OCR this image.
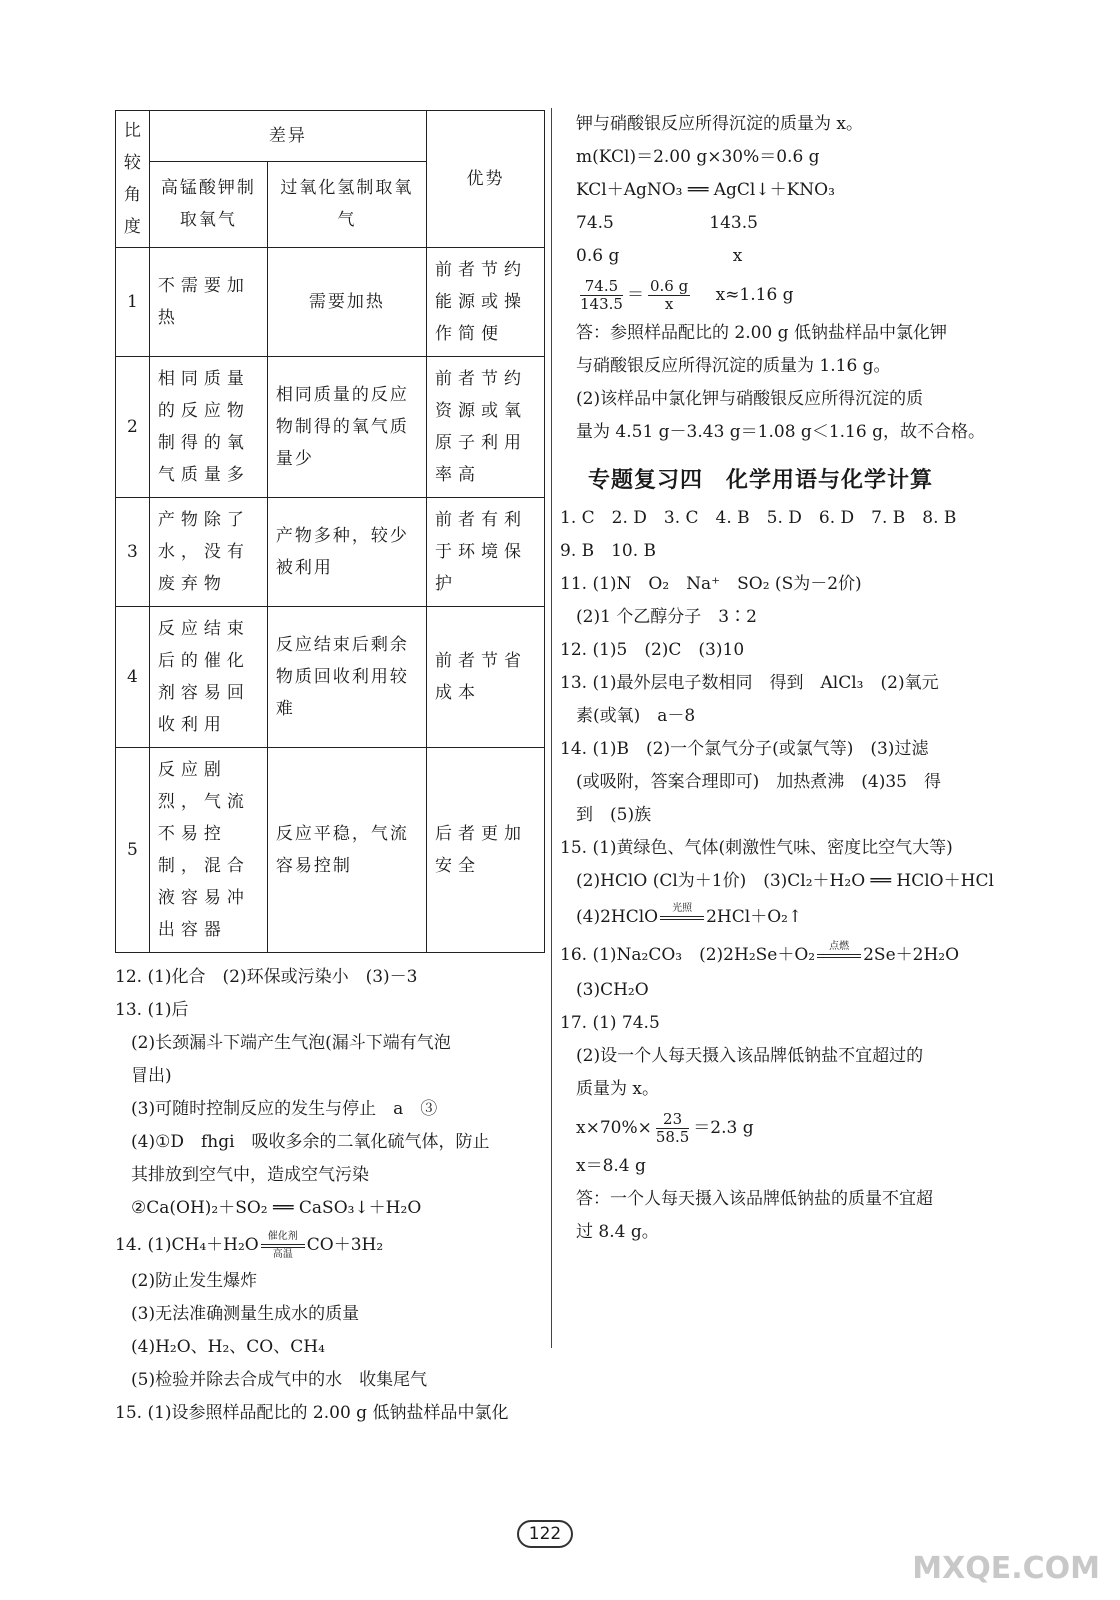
比较角度	差异		优势
	高锰酸钾制取氧气	过氧化氢制取氧气	
1	不需要加热	需要加热	前者节约能源或操作简便
2	相同质量的反应物制得的氧气质量多	相同质量的反应物制得的氧气质量少	前者节约资源或氧原子利用率高
3	产物除了水，没有废弃物	产物多种，较少被利用	前者有利于环境保护
4	反应结束后的催化剂容易回收利用	反应结束后剩余物质回收利用较难	前者节省成本
5	反应剧烈，气流不易控制，混合液容易冲出容器	反应平稳，气流容易控制	后者更加安全
12. (1)化合　(2)环保或污染小　(3)－3
13. (1)后
(2)长颈漏斗下端产生气泡(漏斗下端有气泡
冒出)
(3)可随时控制反应的发生与停止　a　③
(4)①D　fhgi　吸收多余的二氧化硫气体，防止
其排放到空气中，造成空气污染
②Ca(OH)₂＋SO₂ ══ CaSO₃↓＋H₂O
14. (1)CH₄＋H₂O 催化剂
高温 CO＋3H₂
(2)防止发生爆炸
(3)无法准确测量生成水的质量
(4)H₂O、H₂、CO、CH₄
(5)检验并除去合成气中的水　收集尾气
15. (1)设参照样品配比的 2.00 g 低钠盐样品中氯化
钾与硝酸银反应所得沉淀的质量为 x。
m(KCl)＝2.00 g×30%＝0.6 g
KCl＋AgNO₃ ══ AgCl↓＋KNO₃
74.5	143.5
0.6 g	x
$\frac{74.5}{143.5} = \frac{0.6 g}{x} x\approx 1.16$ g
答：参照样品配比的 2.00 g 低钠盐样品中氯化钾
与硝酸银反应所得沉淀的质量为 1.16 g。
(2)该样品中氯化钾与硝酸银反应所得沉淀的质
量为 4.51 g－3.43 g＝1.08 g＜1.16 g，故不合格。
专题复习四　化学用语与化学计算
1. C　2. D　3. C　4. B　5. D　6. D　7. B　8. B
9. B　10. B
11. (1)N　O₂　Na⁺　SO₂ (S为－2价)
(2)1 个乙醇分子　3∶2
12. (1)5　(2)C　(3)10
13. (1)最外层电子数相同　得到　AlCl₃　(2)氧元
素(或氧)　a－8
14. (1)B　(2)一个氯气分子(或氯气等)　(3)过滤
(或吸附，答案合理即可)　加热煮沸　(4)35　得
到　(5)族
15. (1)黄绿色、气体(刺激性气味、密度比空气大等)
(2)HClO (Cl为＋1价)　(3)Cl₂＋H₂O ══ HClO＋HCl
(4)2HClO	光照
2HCl＋O₂↑
16. (1)Na₂CO₃　(2)2H₂Se＋O₂	点燃
2Se＋2H₂O
(3)CH₂O
17. (1) 74.5
(2)设一个人每天摄入该品牌低钠盐不宜超过的
质量为 x。
$x\times 70\%\times \frac{23}{58.5} =2.3$ g
x＝8.4 g
答：一个人每天摄入该品牌低钠盐的质量不宜超
过 8.4 g。
122
MXQE.COM
